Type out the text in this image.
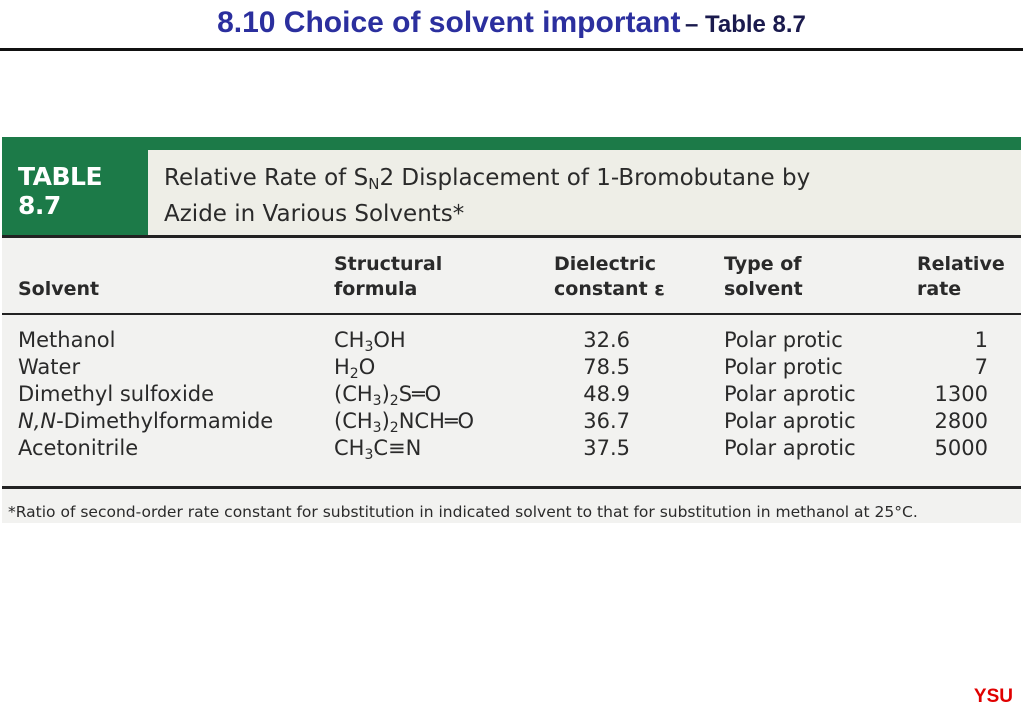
8.10 Choice of solvent important – Table 8.7
TABLE 8.7
Relative Rate of SN2 Displacement of 1-Bromobutane by
Azide in Various Solvents*
Solvent
Structural
formula
Dielectric
constant ε
Type of
solvent
Relative
rate
Methanol
Water
Dimethyl sulfoxide
N,N-Dimethylformamide
Acetonitrile
CH3OH
H2O
(CH3)2S═O
(CH3)2NCH═O
CH3C≡N
32.6
78.5
48.9
36.7
37.5
Polar protic
Polar protic
Polar aprotic
Polar aprotic
Polar aprotic
1
7
1300
2800
5000
*Ratio of second-order rate constant for substitution in indicated solvent to that for substitution in methanol at 25°C.
YSU
